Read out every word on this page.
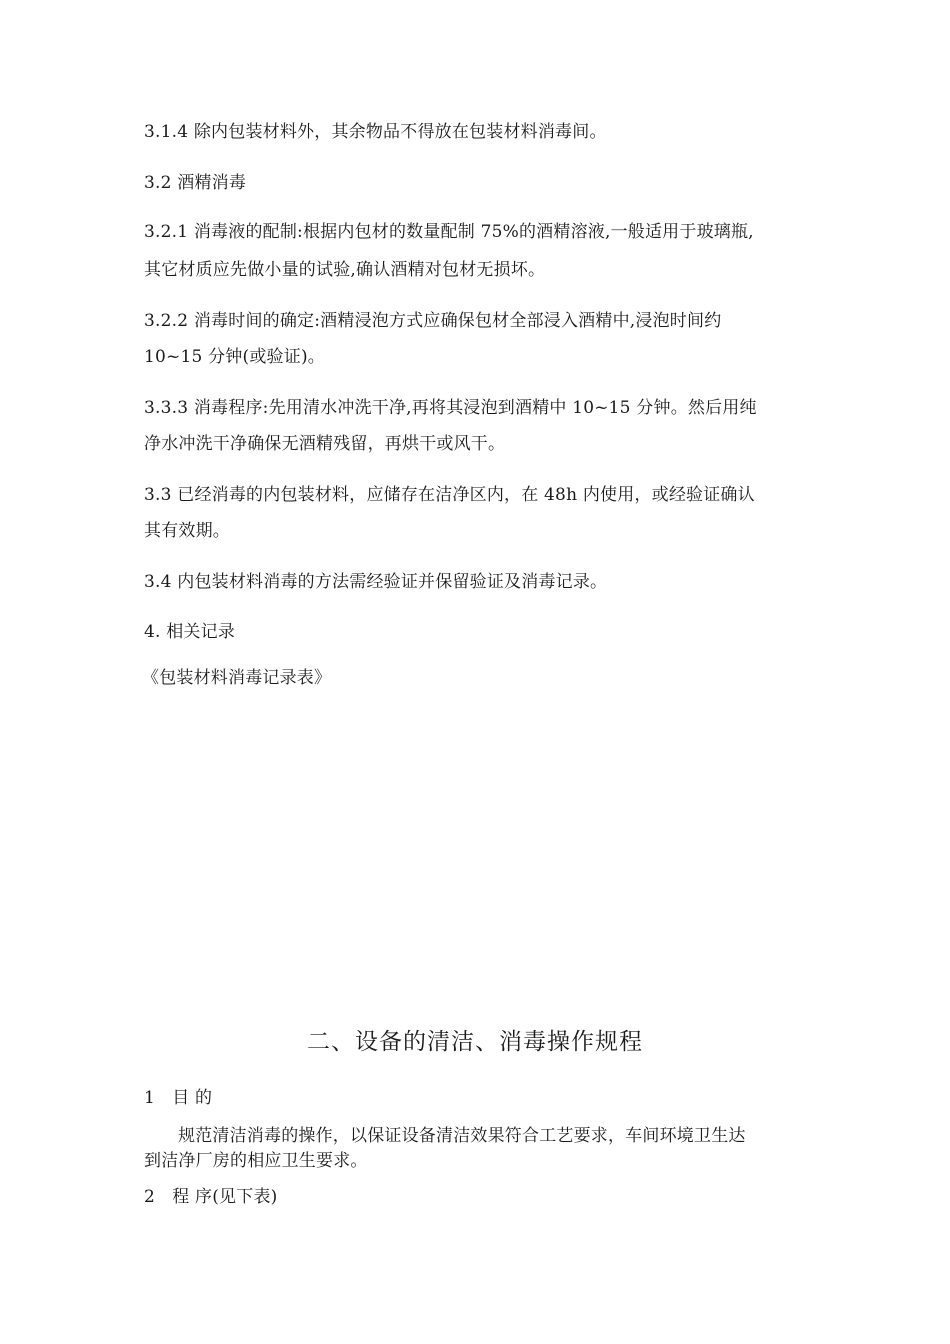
3.1.4 除内包装材料外，其余物品不得放在包装材料消毒间。
3.2 酒精消毒
3.2.1 消毒液的配制:根据内包材的数量配制 75%的酒精溶液,一般适用于玻璃瓶,
其它材质应先做小量的试验,确认酒精对包材无损坏。
3.2.2 消毒时间的确定:酒精浸泡方式应确保包材全部浸入酒精中,浸泡时间约
10~15 分钟(或验证)。
3.3.3 消毒程序:先用清水冲洗干净,再将其浸泡到酒精中 10~15 分钟。然后用纯
净水冲洗干净确保无酒精残留，再烘干或风干。
3.3 已经消毒的内包装材料，应储存在洁净区内，在 48h 内使用，或经验证确认
其有效期。
3.4 内包装材料消毒的方法需经验证并保留验证及消毒记录。
4. 相关记录
《包装材料消毒记录表》
二、设备的清洁、消毒操作规程
1　目 的
规范清洁消毒的操作，以保证设备清洁效果符合工艺要求，车间环境卫生达
到洁净厂房的相应卫生要求。
2　程 序(见下表)
